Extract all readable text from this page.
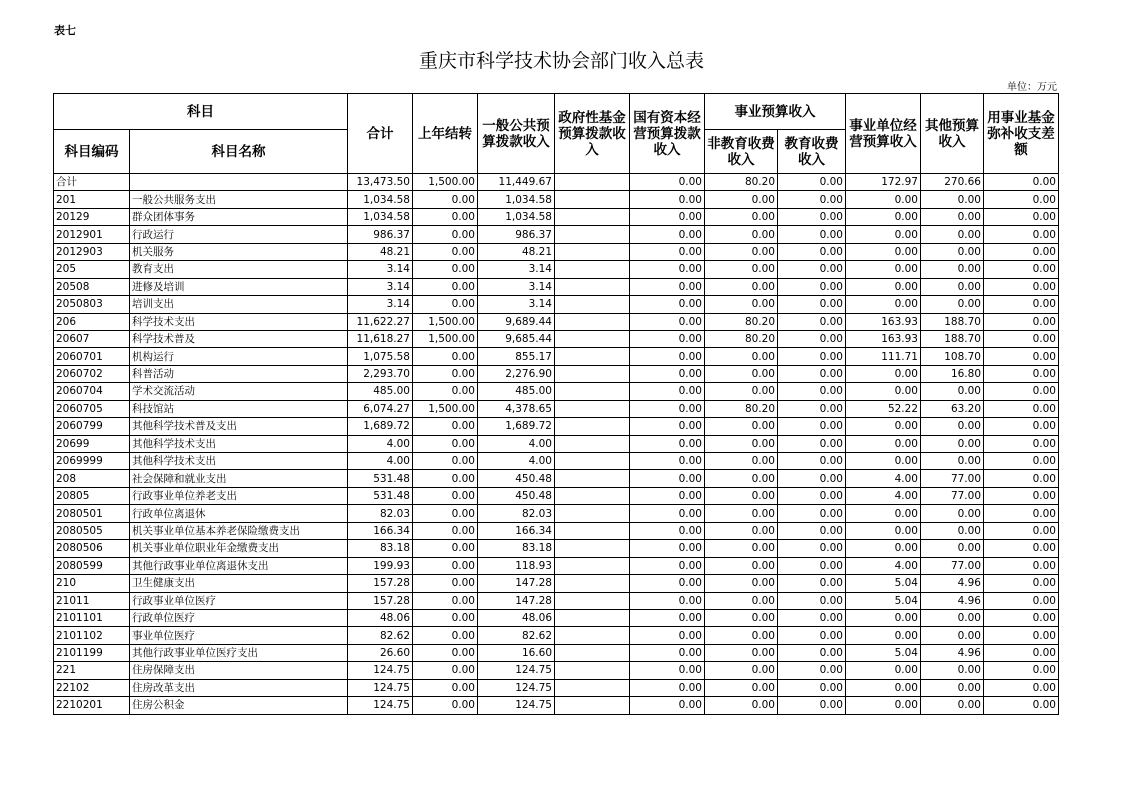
表七
重庆市科学技术协会部门收入总表
单位：万元
科目		合计	上年结转	一般公共预算拨款收入	政府性基金预算拨款收入	国有资本经营预算拨款收入	事业预算收入		事业单位经营预算收入	其他预算收入	用事业基金弥补收支差额
科目编码	科目名称						非教育收费收入	教育收费收入			
合计		13,473.50	1,500.00	11,449.67		0.00	80.20	0.00	172.97	270.66	0.00
201	一般公共服务支出	1,034.58	0.00	1,034.58		0.00	0.00	0.00	0.00	0.00	0.00
20129	群众团体事务	1,034.58	0.00	1,034.58		0.00	0.00	0.00	0.00	0.00	0.00
2012901	行政运行	986.37	0.00	986.37		0.00	0.00	0.00	0.00	0.00	0.00
2012903	机关服务	48.21	0.00	48.21		0.00	0.00	0.00	0.00	0.00	0.00
205	教育支出	3.14	0.00	3.14		0.00	0.00	0.00	0.00	0.00	0.00
20508	进修及培训	3.14	0.00	3.14		0.00	0.00	0.00	0.00	0.00	0.00
2050803	培训支出	3.14	0.00	3.14		0.00	0.00	0.00	0.00	0.00	0.00
206	科学技术支出	11,622.27	1,500.00	9,689.44		0.00	80.20	0.00	163.93	188.70	0.00
20607	科学技术普及	11,618.27	1,500.00	9,685.44		0.00	80.20	0.00	163.93	188.70	0.00
2060701	机构运行	1,075.58	0.00	855.17		0.00	0.00	0.00	111.71	108.70	0.00
2060702	科普活动	2,293.70	0.00	2,276.90		0.00	0.00	0.00	0.00	16.80	0.00
2060704	学术交流活动	485.00	0.00	485.00		0.00	0.00	0.00	0.00	0.00	0.00
2060705	科技馆站	6,074.27	1,500.00	4,378.65		0.00	80.20	0.00	52.22	63.20	0.00
2060799	其他科学技术普及支出	1,689.72	0.00	1,689.72		0.00	0.00	0.00	0.00	0.00	0.00
20699	其他科学技术支出	4.00	0.00	4.00		0.00	0.00	0.00	0.00	0.00	0.00
2069999	其他科学技术支出	4.00	0.00	4.00		0.00	0.00	0.00	0.00	0.00	0.00
208	社会保障和就业支出	531.48	0.00	450.48		0.00	0.00	0.00	4.00	77.00	0.00
20805	行政事业单位养老支出	531.48	0.00	450.48		0.00	0.00	0.00	4.00	77.00	0.00
2080501	行政单位离退休	82.03	0.00	82.03		0.00	0.00	0.00	0.00	0.00	0.00
2080505	机关事业单位基本养老保险缴费支出	166.34	0.00	166.34		0.00	0.00	0.00	0.00	0.00	0.00
2080506	机关事业单位职业年金缴费支出	83.18	0.00	83.18		0.00	0.00	0.00	0.00	0.00	0.00
2080599	其他行政事业单位离退休支出	199.93	0.00	118.93		0.00	0.00	0.00	4.00	77.00	0.00
210	卫生健康支出	157.28	0.00	147.28		0.00	0.00	0.00	5.04	4.96	0.00
21011	行政事业单位医疗	157.28	0.00	147.28		0.00	0.00	0.00	5.04	4.96	0.00
2101101	行政单位医疗	48.06	0.00	48.06		0.00	0.00	0.00	0.00	0.00	0.00
2101102	事业单位医疗	82.62	0.00	82.62		0.00	0.00	0.00	0.00	0.00	0.00
2101199	其他行政事业单位医疗支出	26.60	0.00	16.60		0.00	0.00	0.00	5.04	4.96	0.00
221	住房保障支出	124.75	0.00	124.75		0.00	0.00	0.00	0.00	0.00	0.00
22102	住房改革支出	124.75	0.00	124.75		0.00	0.00	0.00	0.00	0.00	0.00
2210201	住房公积金	124.75	0.00	124.75		0.00	0.00	0.00	0.00	0.00	0.00
